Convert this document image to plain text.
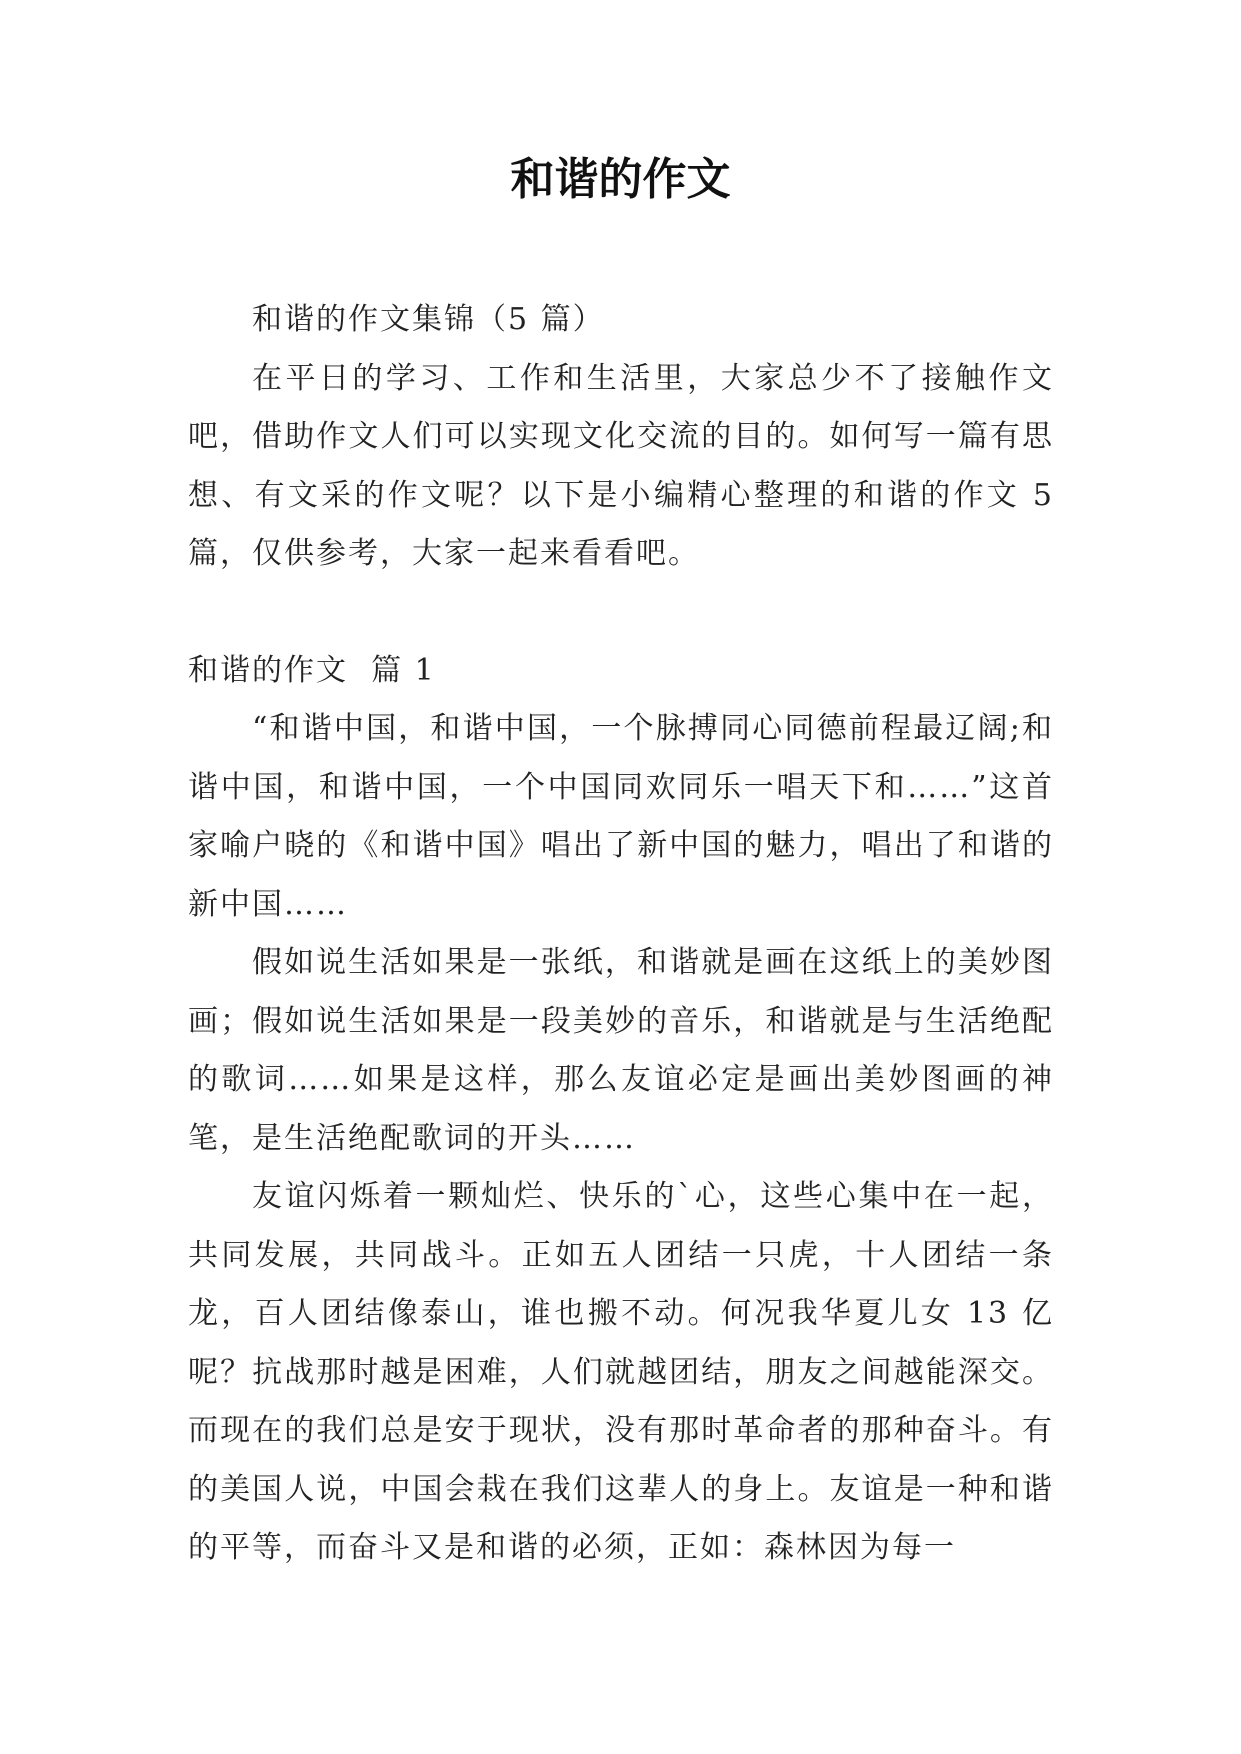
和谐的作文

和谐的作文集锦（5 篇）

在平日的学习、工作和生活里，大家总少不了接触作文吧，借助作文人们可以实现文化交流的目的。如何写一篇有思想、有文采的作文呢？以下是小编精心整理的和谐的作文 5 篇，仅供参考，大家一起来看看吧。

和谐的作文  篇 1

“和谐中国，和谐中国，一个脉搏同心同德前程最辽阔;和谐中国，和谐中国，一个中国同欢同乐一唱天下和……”这首家喻户晓的《和谐中国》唱出了新中国的魅力，唱出了和谐的新中国……

假如说生活如果是一张纸，和谐就是画在这纸上的美妙图画；假如说生活如果是一段美妙的音乐，和谐就是与生活绝配的歌词……如果是这样，那么友谊必定是画出美妙图画的神笔，是生活绝配歌词的开头……

友谊闪烁着一颗灿烂、快乐的`心，这些心集中在一起，共同发展，共同战斗。正如五人团结一只虎，十人团结一条龙，百人团结像泰山，谁也搬不动。何况我华夏儿女 13 亿呢？抗战那时越是困难，人们就越团结，朋友之间越能深交。而现在的我们总是安于现状，没有那时革命者的那种奋斗。有的美国人说，中国会栽在我们这辈人的身上。友谊是一种和谐的平等，而奋斗又是和谐的必须，正如：森林因为每一
